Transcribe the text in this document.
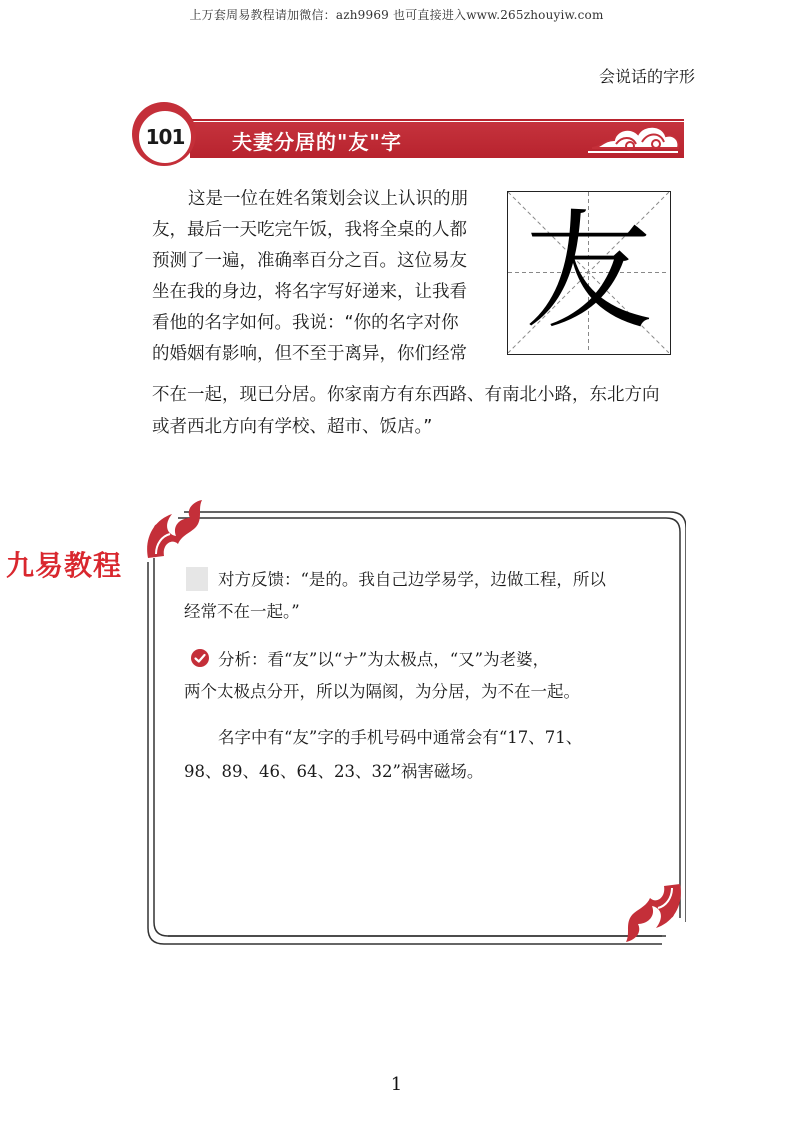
上万套周易教程请加微信：azh9969 也可直接进入www.265zhouyiw.com
会说话的字形
101 夫妻分居的"友"字
这是一位在姓名策划会议上认识的朋
友，最后一天吃完午饭，我将全桌的人都
预测了一遍，准确率百分之百。这位易友
坐在我的身边，将名字写好递来，让我看
看他的名字如何。我说：“你的名字对你
的婚姻有影响，但不至于离异，你们经常
不在一起，现已分居。你家南方有东西路、有南北小路，东北方向
或者西北方向有学校、超市、饭店。”
友
九易教程	对方反馈：“是的。我自己边学易学，边做工程，所以
经常不在一起。”
分析：看“友”以“ナ”为太极点，“又”为老婆，
两个太极点分开，所以为隔阂，为分居，为不在一起。
名字中有“友”字的手机号码中通常会有“17、71、
98、89、46、64、23、32”祸害磁场。
1
